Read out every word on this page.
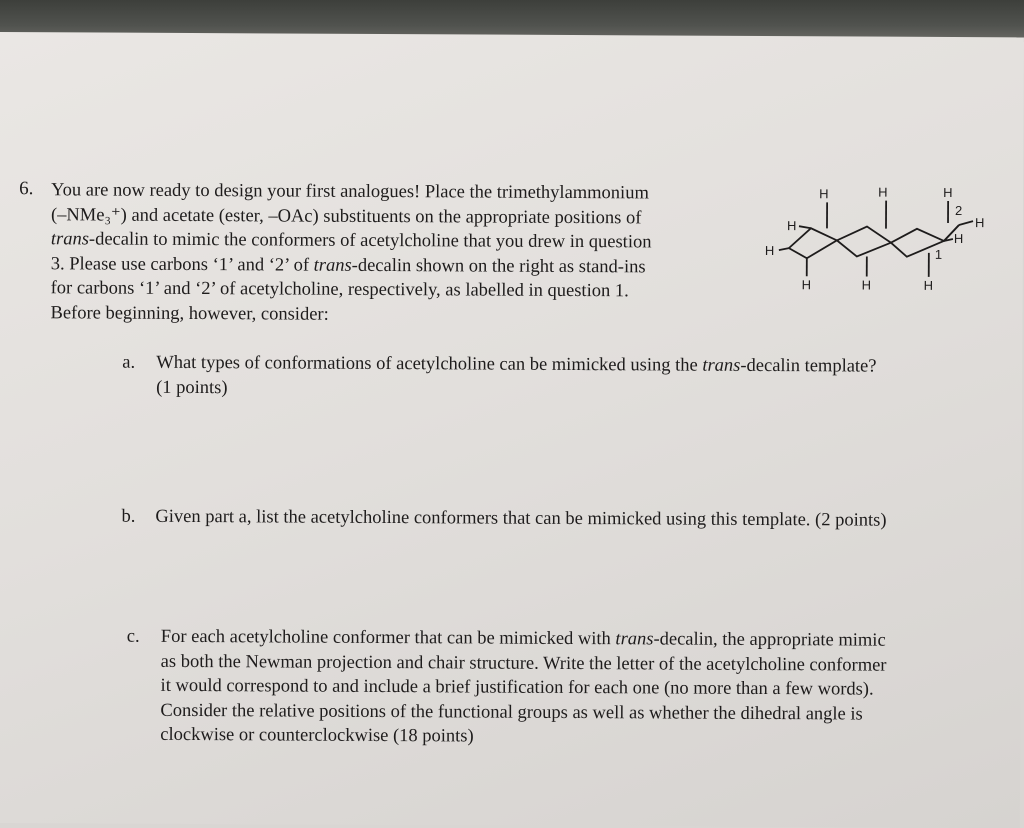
6. You are now ready to design your first analogues! Place the trimethylammonium
(–NMe₃⁺) and acetate (ester, –OAc) substituents on the appropriate positions of
trans-decalin to mimic the conformers of acetylcholine that you drew in question
3. Please use carbons ‘1’ and ‘2’ of trans-decalin shown on the right as stand-ins
for carbons ‘1’ and ‘2’ of acetylcholine, respectively, as labelled in question 1.
Before beginning, however, consider:
H	H	H
H
H
H
H
2
1
H	H	H
a. What types of conformations of acetylcholine can be mimicked using the trans-decalin template?
(1 points)
b. Given part a, list the acetylcholine conformers that can be mimicked using this template. (2 points)
c. For each acetylcholine conformer that can be mimicked with trans-decalin, the appropriate mimic
as both the Newman projection and chair structure. Write the letter of the acetylcholine conformer
it would correspond to and include a brief justification for each one (no more than a few words).
Consider the relative positions of the functional groups as well as whether the dihedral angle is
clockwise or counterclockwise (18 points)
